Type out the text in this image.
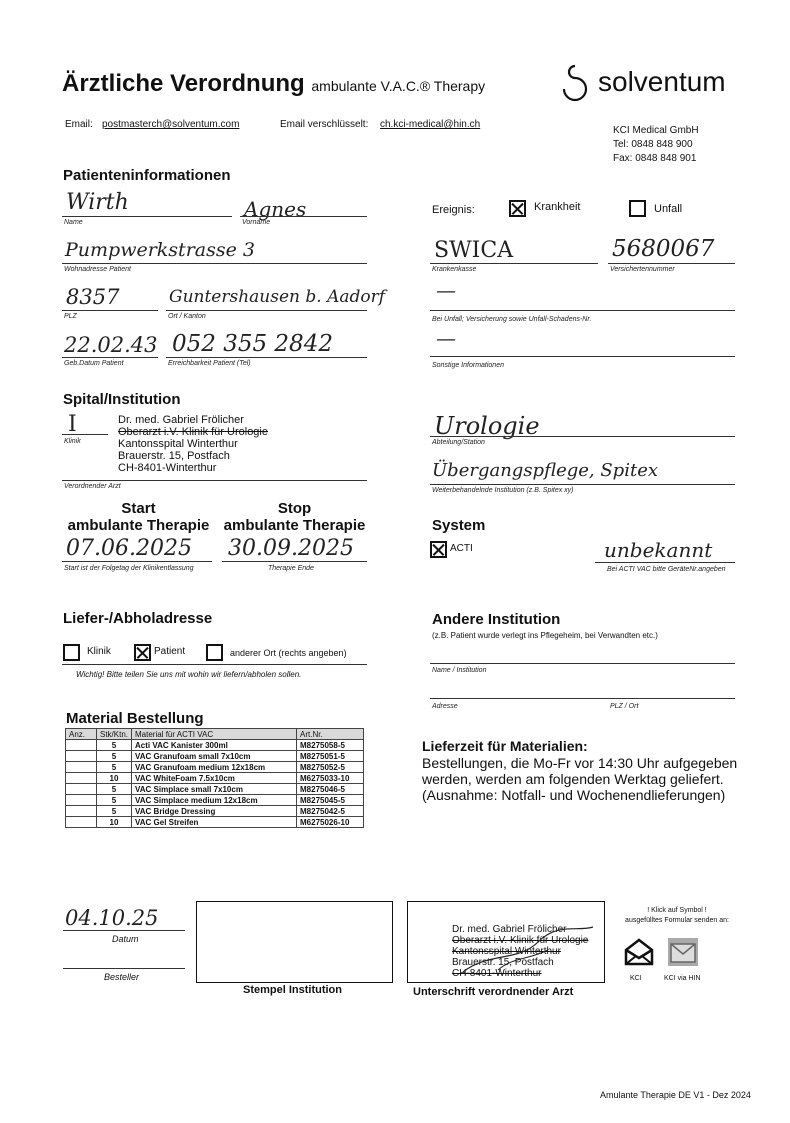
Ärztliche Verordnung ambulante V.A.C.® Therapy	solventum
Email: postmasterch@solventum.com	Email verschlüsselt: ch.kci-medical@hin.ch
KCI Medical GmbH
Tel: 0848 848 900
Fax: 0848 848 901
Patienteninformationen
Wirth
Name
Agnes
Vorname
Pumpwerkstrasse 3
Wohnadresse Patient
8357
PLZ
Guntershausen b. Aadorf
Ort / Kanton
22.02.43
Geb.Datum Patient
052 355 2842
Erreichbarkeit Patient (Tel)
Ereignis:	Krankheit	Unfall
SWICA
Krankenkasse
5680067
Versichertennummer
—
Bei Unfall; Versicherung sowie Unfall-Schadens-Nr.
—
Sonstige Informationen
Spital/Institution
I
Klinik
Dr. med. Gabriel Frölicher
Oberarzt i.V. Klinik für Urologie
Kantonsspital Winterthur
Brauerstr. 15, Postfach
CH-8401-Winterthur
Verordnender Arzt
Urologie
Abteilung/Station
Übergangspflege, Spitex
Weiterbehandelnde Institution (z.B. Spitex xy)
Start
ambulante Therapie
Stop
ambulante Therapie
07.06.2025
Start ist der Folgetag der Klinikentlassung
30.09.2025
Therapie Ende
System
ACTI	unbekannt
Bei ACTI VAC bitte GeräteNr.angeben
Liefer-/Abholadresse
Klinik	Patient	anderer Ort (rechts angeben)
Wichtig! Bitte teilen Sie uns mit wohin wir liefern/abholen sollen.
Andere Institution
(z.B. Patient wurde verlegt ins Pflegeheim, bei Verwandten etc.)
Name / Institution
Adresse	PLZ / Ort
Material Bestellung
Anz.	Stk/Ktn.	Material für ACTI VAC	Art.Nr.
	5	Acti VAC Kanister 300ml	M8275058-5
	5	VAC Granufoam small 7x10cm	M8275051-5
	5	VAC Granufoam medium 12x18cm	M8275052-5
	10	VAC WhiteFoam 7.5x10cm	M6275033-10
	5	VAC Simplace small 7x10cm	M8275046-5
	5	VAC Simplace medium 12x18cm	M8275045-5
	5	VAC Bridge Dressing	M8275042-5
	10	VAC Gel Streifen	M6275026-10
Lieferzeit für Materialien:
Bestellungen, die Mo-Fr vor 14:30 Uhr aufgegeben
werden, werden am folgenden Werktag geliefert.
(Ausnahme: Notfall- und Wochenendlieferungen)
04.10.25
Datum
Besteller
Stempel Institution
Dr. med. Gabriel Frölicher
Oberarzt i.V. Klinik für Urologie
Kantonsspital Winterthur
Brauerstr. 15, Postfach
CH-8401-Winterthur
Unterschrift verordnender Arzt
! Klick auf Symbol !
ausgefülltes Formular senden an:
KCI	KCI via HIN
Amulante Therapie DE V1 - Dez 2024
